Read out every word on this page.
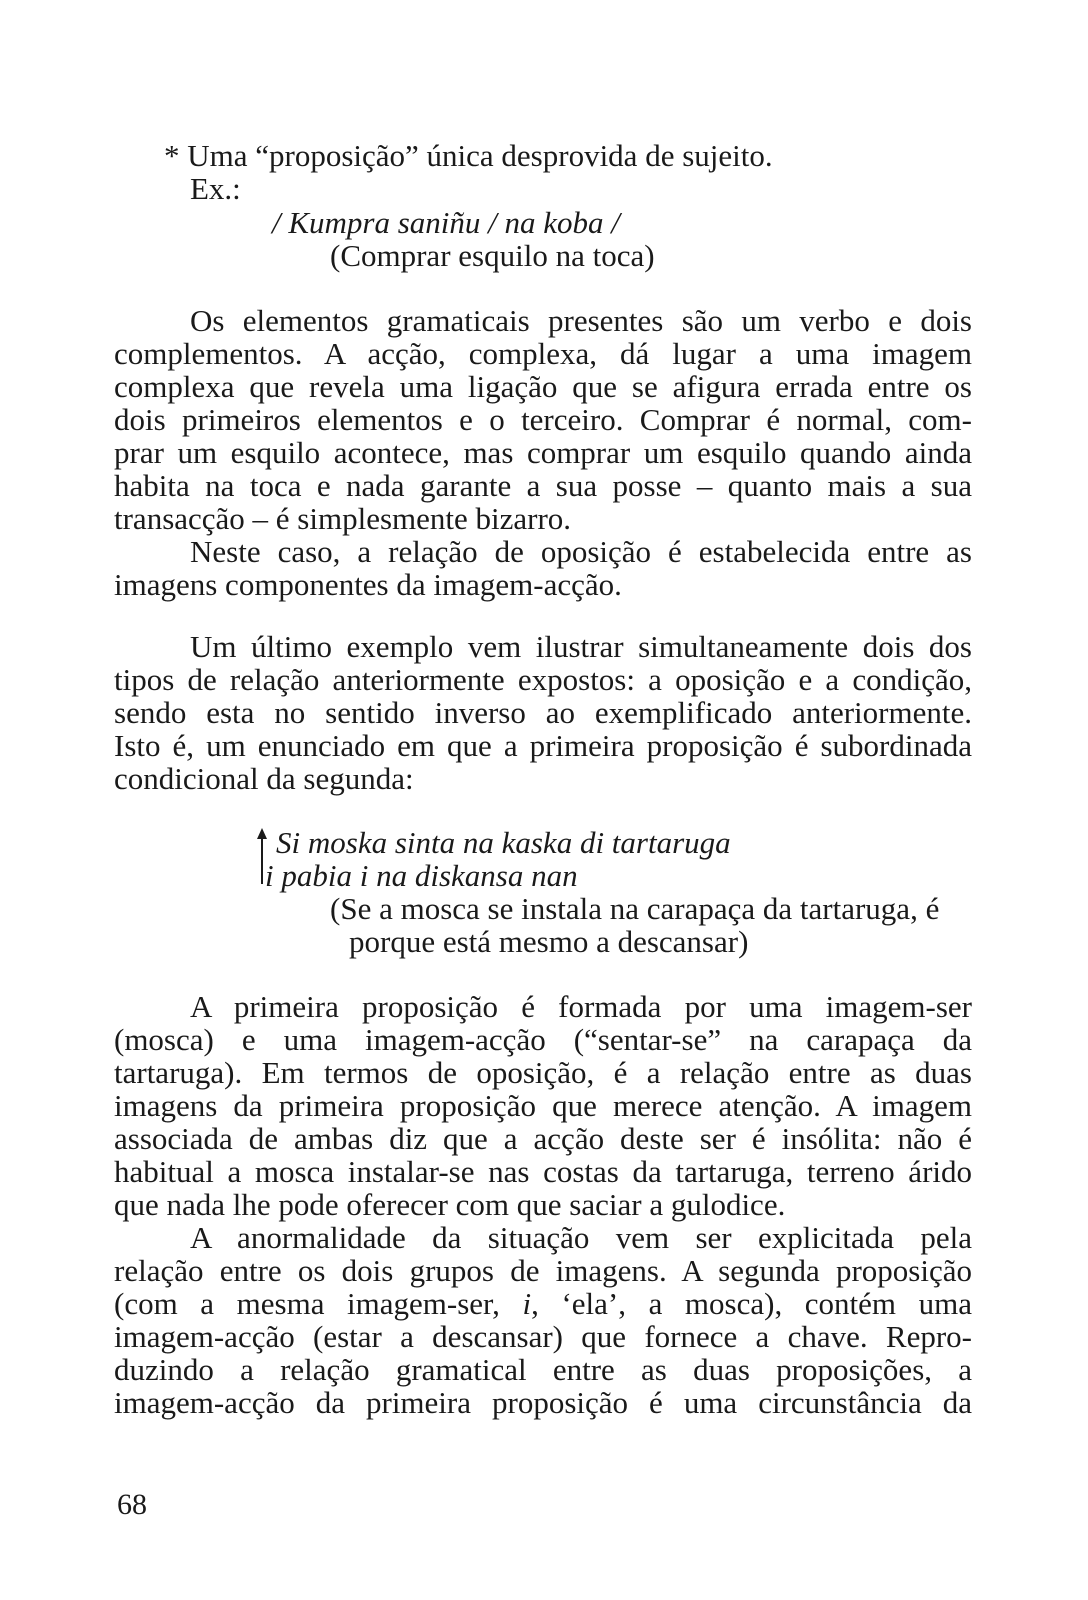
* Uma “proposição” única desprovida de sujeito.
Ex.:
/ Kumpra saniñu / na koba /
(Comprar esquilo na toca)
Os elementos gramaticais presentes são um verbo e dois
complementos. A acção, complexa, dá lugar a uma imagem
complexa que revela uma ligação que se afigura errada entre os
dois primeiros elementos e o terceiro. Comprar é normal, com-
prar um esquilo acontece, mas comprar um esquilo quando ainda
habita na toca e nada garante a sua posse – quanto mais a sua
transacção – é simplesmente bizarro.
Neste caso, a relação de oposição é estabelecida entre as
imagens componentes da imagem-acção.
Um último exemplo vem ilustrar simultaneamente dois dos
tipos de relação anteriormente expostos: a oposição e a condição,
sendo esta no sentido inverso ao exemplificado anteriormente.
Isto é, um enunciado em que a primeira proposição é subordinada
condicional da segunda:
Si moska sinta na kaska di tartaruga
i pabia i na diskansa nan
(Se a mosca se instala na carapaça da tartaruga, é
porque está mesmo a descansar)
A primeira proposição é formada por uma imagem-ser
(mosca) e uma imagem-acção (“sentar-se” na carapaça da
tartaruga). Em termos de oposição, é a relação entre as duas
imagens da primeira proposição que merece atenção. A imagem
associada de ambas diz que a acção deste ser é insólita: não é
habitual a mosca instalar-se nas costas da tartaruga, terreno árido
que nada lhe pode oferecer com que saciar a gulodice.
A anormalidade da situação vem ser explicitada pela
relação entre os dois grupos de imagens. A segunda proposição
(com a mesma imagem-ser, i, ‘ela’, a mosca), contém uma
imagem-acção (estar a descansar) que fornece a chave. Repro-
duzindo a relação gramatical entre as duas proposições, a
imagem-acção da primeira proposição é uma circunstância da
68
